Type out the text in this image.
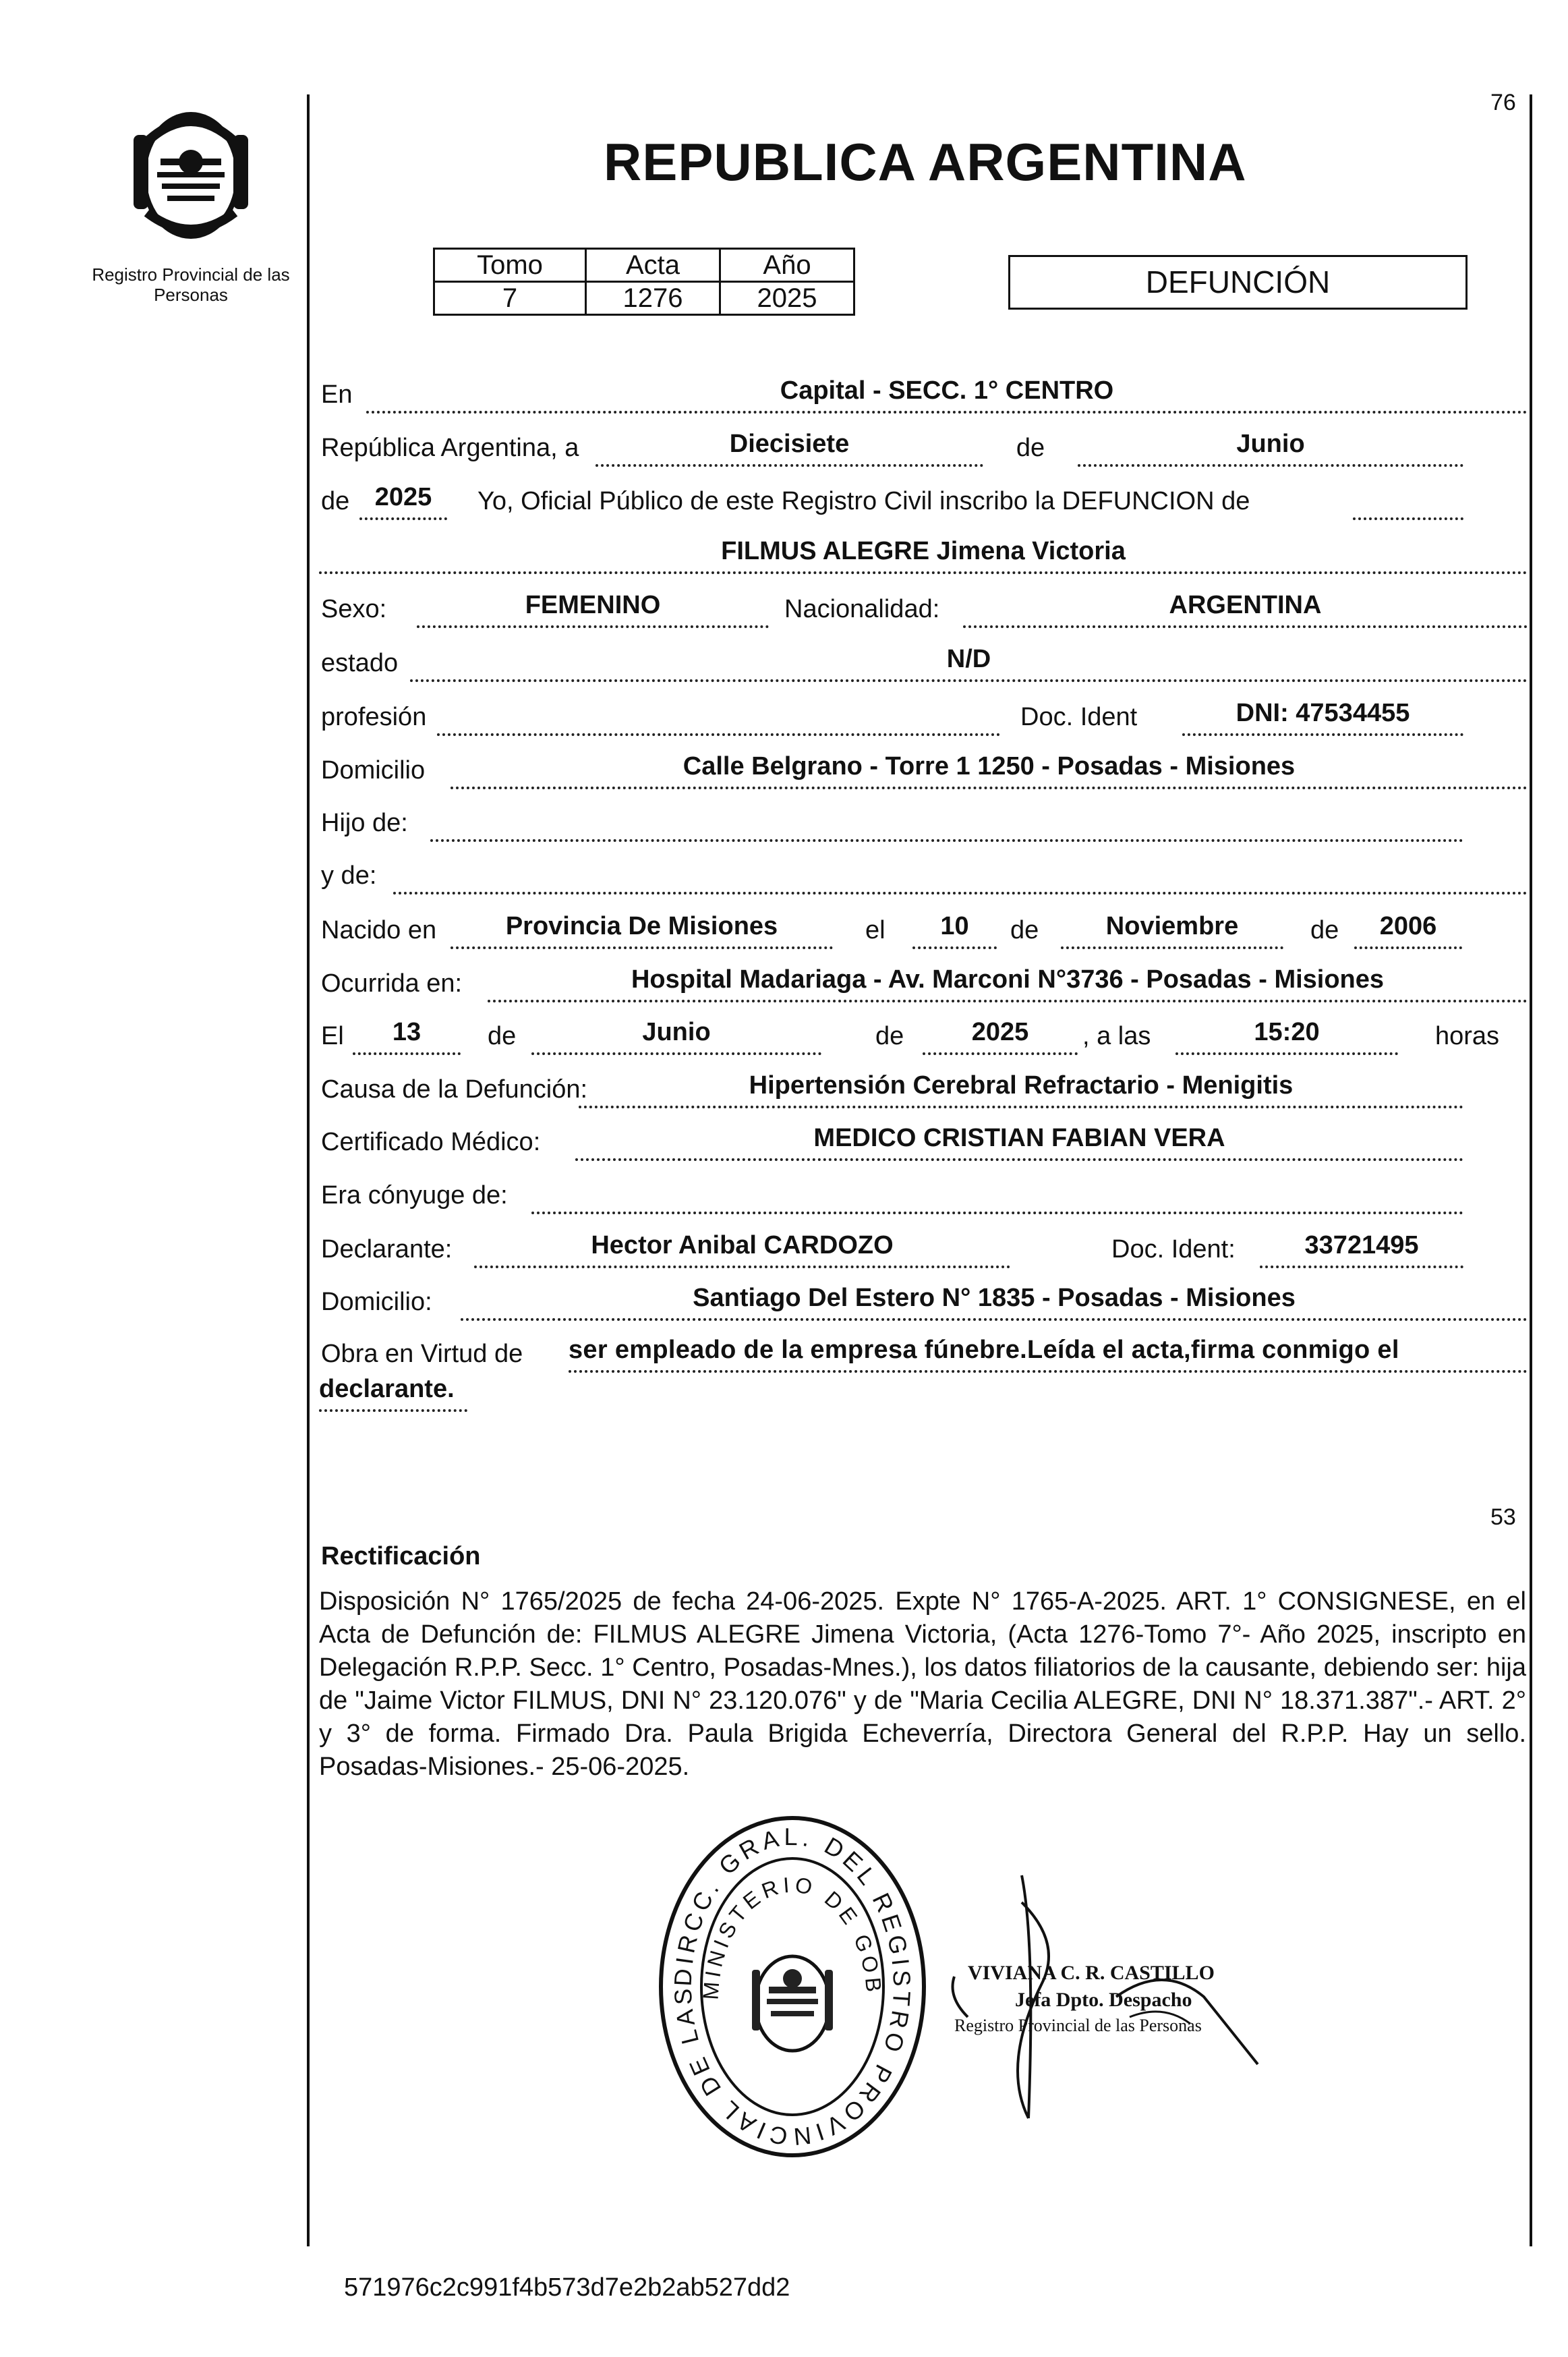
Registro Provincial de las Personas
76
REPUBLICA ARGENTINA
Tomo	Acta	Año
7	1276	2025	DEFUNCIÓN
En	Capital - SECC. 1° CENTRO
República Argentina, a	Diecisiete	de	Junio
de 2025	Yo, Oficial Público de este Registro Civil inscribo la DEFUNCION de
FILMUS ALEGRE Jimena Victoria
Sexo:	FEMENINO	Nacionalidad:	ARGENTINA
estado	N/D
profesión	Doc. Ident	DNI: 47534455
Domicilio	Calle Belgrano - Torre 1 1250 - Posadas - Misiones
Hijo de:
y de:
Nacido en	Provincia De Misiones	el	10	de	Noviembre	de	2006
Ocurrida en:	Hospital Madariaga - Av. Marconi N°3736 - Posadas - Misiones
El	13	de	Junio	de	2025	, a las	15:20	horas
Causa de la Defunción:	Hipertensión Cerebral Refractario - Menigitis
Certificado Médico:	MEDICO CRISTIAN FABIAN VERA
Era cónyuge de:
Declarante:	Hector Anibal CARDOZO	Doc. Ident:	33721495
Domicilio:	Santiago Del Estero N° 1835 - Posadas - Misiones
Obra en Virtud de ser empleado de la empresa fúnebre.Leída el acta,firma conmigo el
declarante.
53
Rectificación
Disposición N° 1765/2025 de fecha 24-06-2025. Expte N° 1765-A-2025. ART. 1° CONSIGNESE, en el Acta de Defunción de: FILMUS ALEGRE Jimena Victoria, (Acta 1276-Tomo 7°- Año 2025, inscripto en Delegación R.P.P. Secc. 1° Centro, Posadas-Mnes.), los datos filiatorios de la causante, debiendo ser: hija de "Jaime Victor FILMUS, DNI N° 23.120.076" y de "Maria Cecilia ALEGRE, DNI N° 18.371.387".- ART. 2° y 3° de forma. Firmado Dra. Paula Brigida Echeverría, Directora General del R.P.P. Hay un sello. Posadas-Misiones.- 25-06-2025.
DIRCC. GRAL. DEL REGISTRO PROVINCIAL DE LAS MINISTERIO DE GOB
VIVIANA C. R. CASTILLO
Jefa Dpto. Despacho
Registro Provincial de las Personas
571976c2c991f4b573d7e2b2ab527dd2
